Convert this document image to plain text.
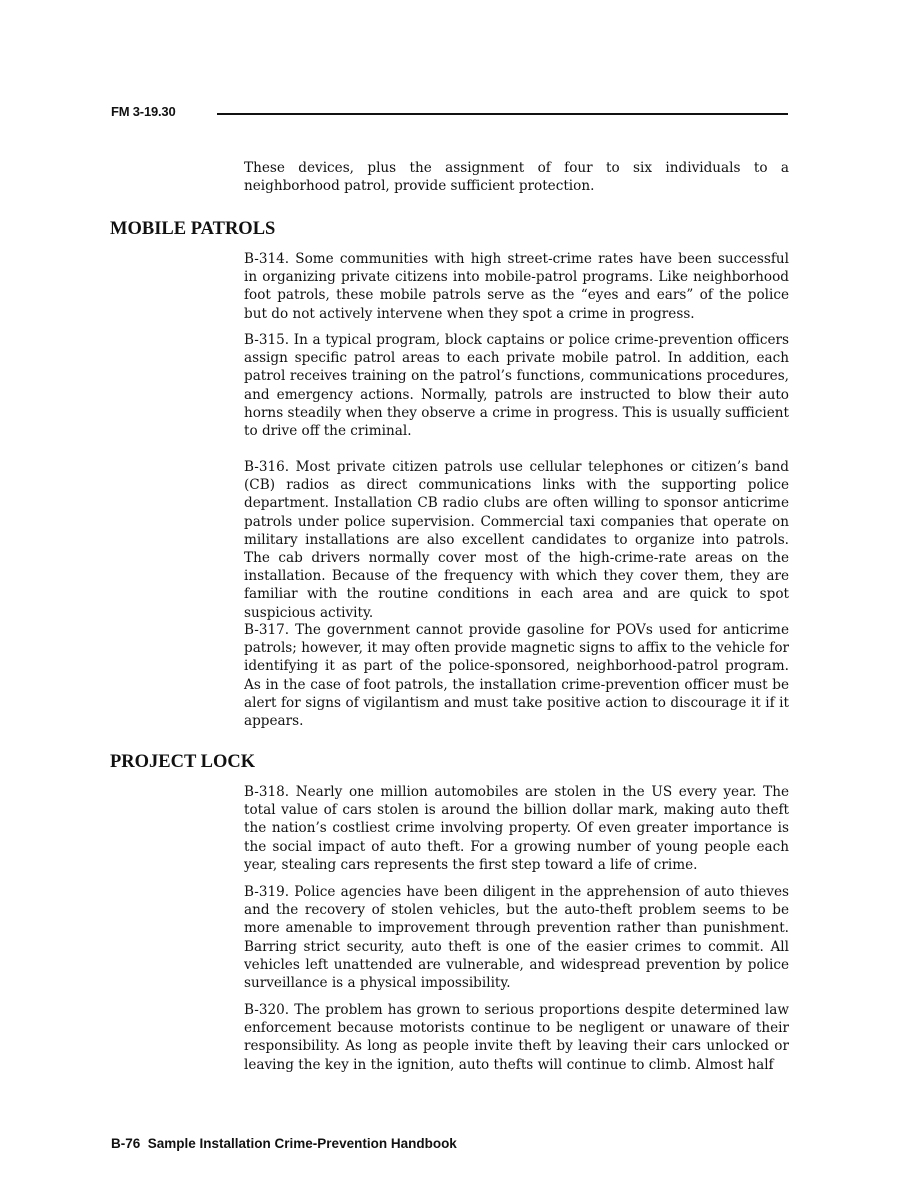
FM 3-19.30

These devices, plus the assignment of four to six individuals to a neighborhood patrol, provide sufficient protection.

MOBILE PATROLS

B-314. Some communities with high street-crime rates have been successful in organizing private citizens into mobile-patrol programs. Like neighborhood foot patrols, these mobile patrols serve as the “eyes and ears” of the police but do not actively intervene when they spot a crime in progress.

B-315. In a typical program, block captains or police crime-prevention officers assign specific patrol areas to each private mobile patrol. In addition, each patrol receives training on the patrol’s functions, communications procedures, and emergency actions. Normally, patrols are instructed to blow their auto horns steadily when they observe a crime in progress. This is usually sufficient to drive off the criminal.

B-316. Most private citizen patrols use cellular telephones or citizen’s band (CB) radios as direct communications links with the supporting police department. Installation CB radio clubs are often willing to sponsor anticrime patrols under police supervision. Commercial taxi companies that operate on military installations are also excellent candidates to organize into patrols. The cab drivers normally cover most of the high-crime-rate areas on the installation. Because of the frequency with which they cover them, they are familiar with the routine conditions in each area and are quick to spot suspicious activity.

B-317. The government cannot provide gasoline for POVs used for anticrime patrols; however, it may often provide magnetic signs to affix to the vehicle for identifying it as part of the police-sponsored, neighborhood-patrol program. As in the case of foot patrols, the installation crime-prevention officer must be alert for signs of vigilantism and must take positive action to discourage it if it appears.

PROJECT LOCK

B-318. Nearly one million automobiles are stolen in the US every year. The total value of cars stolen is around the billion dollar mark, making auto theft the nation’s costliest crime involving property. Of even greater importance is the social impact of auto theft. For a growing number of young people each year, stealing cars represents the first step toward a life of crime.

B-319. Police agencies have been diligent in the apprehension of auto thieves and the recovery of stolen vehicles, but the auto-theft problem seems to be more amenable to improvement through prevention rather than punishment. Barring strict security, auto theft is one of the easier crimes to commit. All vehicles left unattended are vulnerable, and widespread prevention by police surveillance is a physical impossibility.

B-320. The problem has grown to serious proportions despite determined law enforcement because motorists continue to be negligent or unaware of their responsibility. As long as people invite theft by leaving their cars unlocked or leaving the key in the ignition, auto thefts will continue to climb. Almost half

B-76  Sample Installation Crime-Prevention Handbook
